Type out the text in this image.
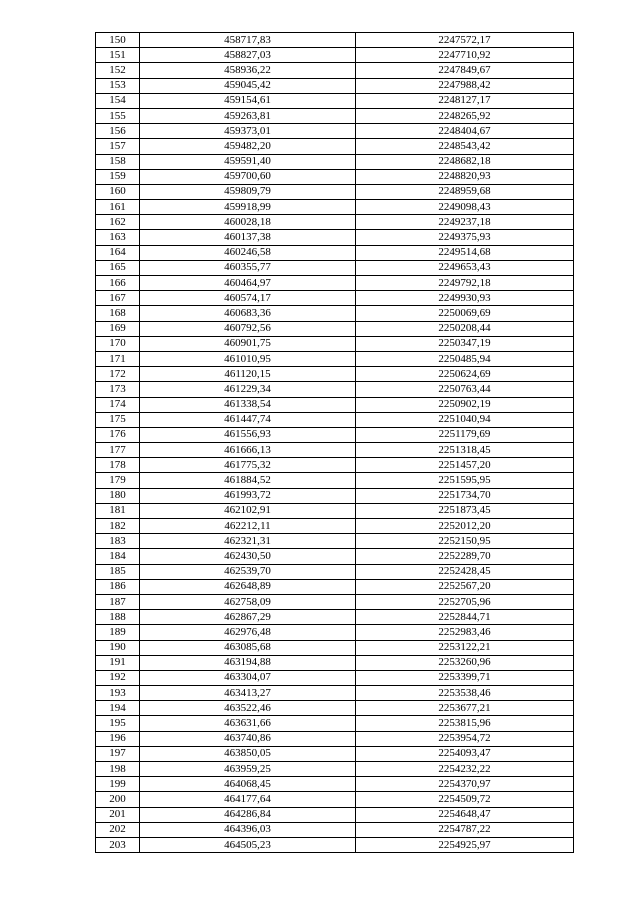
150	458717,83	2247572,17
151	458827,03	2247710,92
152	458936,22	2247849,67
153	459045,42	2247988,42
154	459154,61	2248127,17
155	459263,81	2248265,92
156	459373,01	2248404,67
157	459482,20	2248543,42
158	459591,40	2248682,18
159	459700,60	2248820,93
160	459809,79	2248959,68
161	459918,99	2249098,43
162	460028,18	2249237,18
163	460137,38	2249375,93
164	460246,58	2249514,68
165	460355,77	2249653,43
166	460464,97	2249792,18
167	460574,17	2249930,93
168	460683,36	2250069,69
169	460792,56	2250208,44
170	460901,75	2250347,19
171	461010,95	2250485,94
172	461120,15	2250624,69
173	461229,34	2250763,44
174	461338,54	2250902,19
175	461447,74	2251040,94
176	461556,93	2251179,69
177	461666,13	2251318,45
178	461775,32	2251457,20
179	461884,52	2251595,95
180	461993,72	2251734,70
181	462102,91	2251873,45
182	462212,11	2252012,20
183	462321,31	2252150,95
184	462430,50	2252289,70
185	462539,70	2252428,45
186	462648,89	2252567,20
187	462758,09	2252705,96
188	462867,29	2252844,71
189	462976,48	2252983,46
190	463085,68	2253122,21
191	463194,88	2253260,96
192	463304,07	2253399,71
193	463413,27	2253538,46
194	463522,46	2253677,21
195	463631,66	2253815,96
196	463740,86	2253954,72
197	463850,05	2254093,47
198	463959,25	2254232,22
199	464068,45	2254370,97
200	464177,64	2254509,72
201	464286,84	2254648,47
202	464396,03	2254787,22
203	464505,23	2254925,97
